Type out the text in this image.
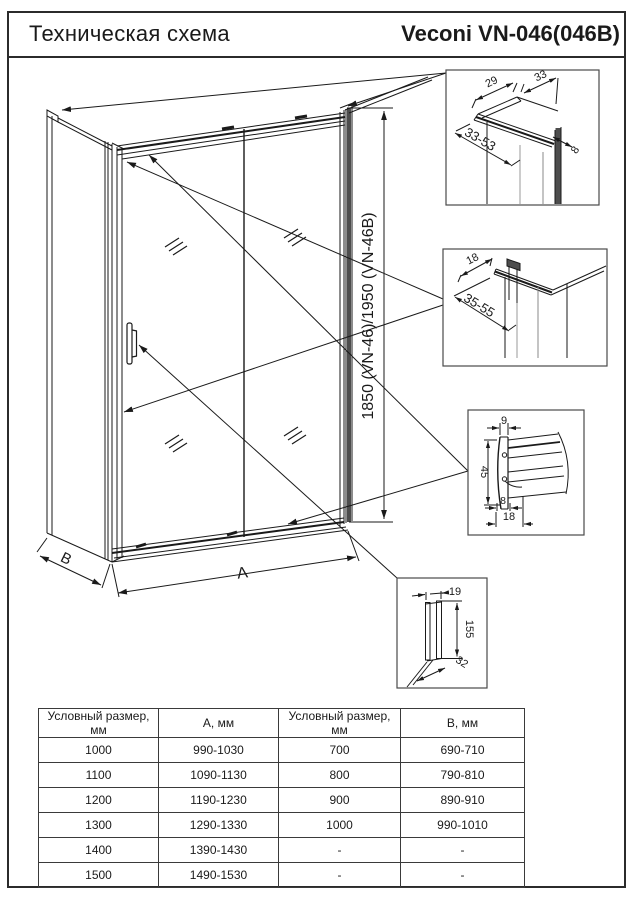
Техническая схема	Veconi VN-046(046B)
1850 (VN-46)/1950 (VN-46B)
A
B
29	33
33-53	8
18
35-55
9
45
8
18
19
155
32
Условный размер, мм	А, мм	Условный размер, мм	В, мм
1000	990-1030	700	690-710
1100	1090-1130	800	790-810
1200	1190-1230	900	890-910
1300	1290-1330	1000	990-1010
1400	1390-1430	-	-
1500	1490-1530	-	-
